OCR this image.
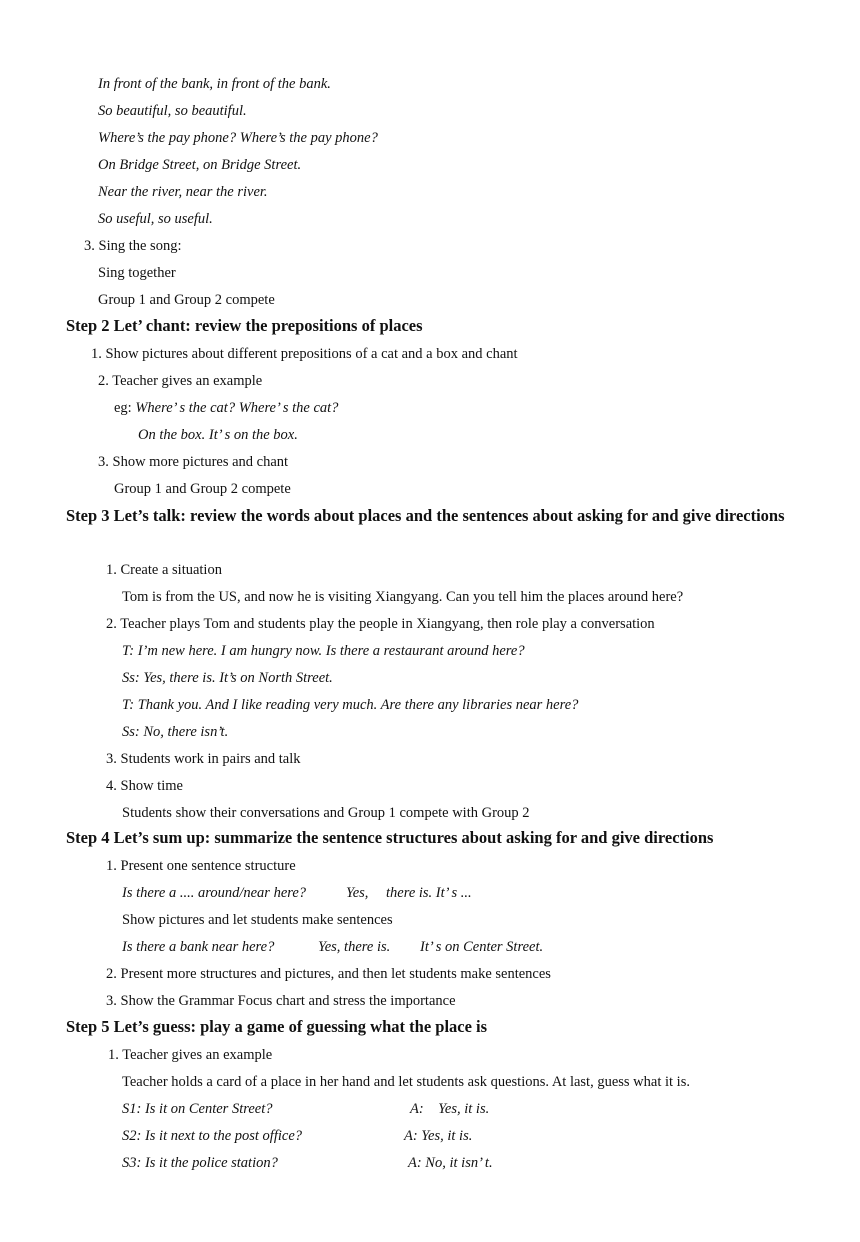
In front of the bank, in front of the bank.
So beautiful, so beautiful.
Where’s the pay phone? Where’s the pay phone?
On Bridge Street, on Bridge Street.
Near the river, near the river.
So useful, so useful.
3. Sing the song:
Sing together
Group 1 and Group 2 compete
Step 2 Let’ chant: review the prepositions of places
1. Show pictures about different prepositions of a cat and a box and chant
2. Teacher gives an example
eg: Where’ s the cat? Where’ s the cat?
On the box. It’ s on the box.
3. Show more pictures and chant
Group 1 and Group 2 compete
Step 3 Let’s talk: review the words about places and the sentences about asking for and give directions
1. Create a situation
Tom is from the US, and now he is visiting Xiangyang. Can you tell him the places around here?
2. Teacher plays Tom and students play the people in Xiangyang, then role play a conversation
T: I’m new here. I am hungry now. Is there a restaurant around here?
Ss: Yes, there is. It’s on North Street.
T: Thank you. And I like reading very much. Are there any libraries near here?
Ss: No, there isn’t.
3. Students work in pairs and talk
4. Show time
Students show their conversations and Group 1 compete with Group 2
Step 4 Let’s sum up: summarize the sentence structures about asking for and give directions
1. Present one sentence structure
Is there a .... around/near here?	Yes, there is. It’ s ...
Show pictures and let students make sentences
Is there a bank near here?	Yes, there is. It’ s on Center Street.
2. Present more structures and pictures, and then let students make sentences
3. Show the Grammar Focus chart and stress the importance
Step 5 Let’s guess: play a game of guessing what the place is
1. Teacher gives an example
Teacher holds a card of a place in her hand and let students ask questions. At last, guess what it is.
S1: Is it on Center Street?	A:    Yes, it is.
S2: Is it next to the post office?	A: Yes, it is.
S3: Is it the police station?	A: No, it isn’ t.
